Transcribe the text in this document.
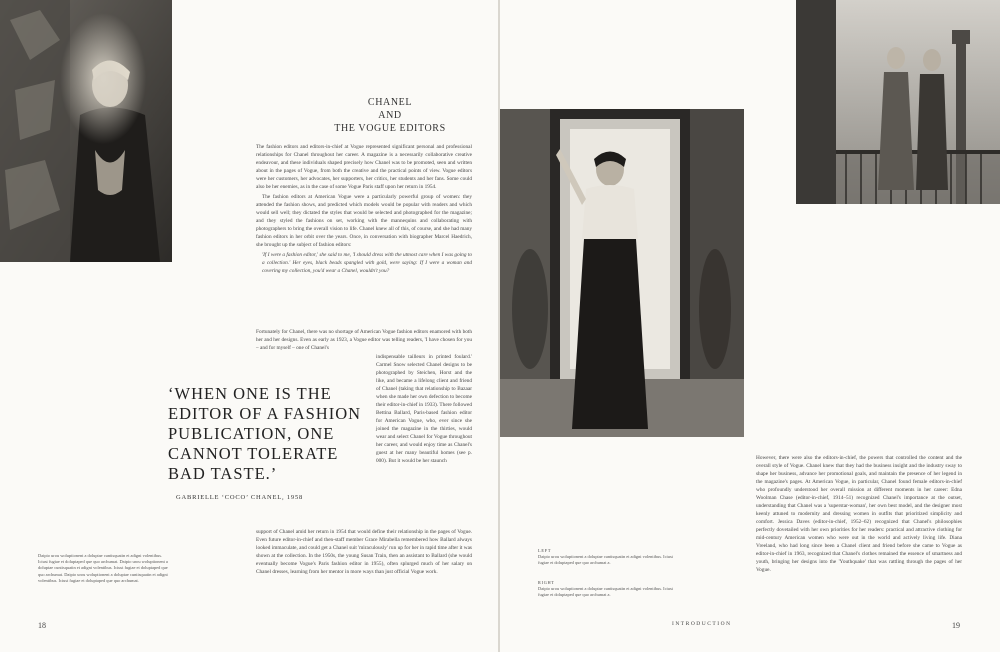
CHANEL
AND
THE VOGUE EDITORS

The fashion editors and editors-in-chief at Vogue represented significant personal and professional relationships for Chanel throughout her career. A magazine is a necessarily collaborative creative endeavour, and these individuals shaped precisely how Chanel was to be promoted, seen and written about in the pages of Vogue, from both the creative and the practical points of view. Vogue editors were her customers, her advocates, her supporters, her critics, her students and her fans. Some could also be her enemies, as in the case of some Vogue Paris staff upon her return in 1954.

The fashion editors at American Vogue were a particularly powerful group of women: they attended the fashion shows, and predicted which models would be popular with readers and which would sell well; they dictated the styles that would be selected and photographed for the magazine; and they styled the fashions on set, working with the mannequins and collaborating with photographers to bring the overall vision to life. Chanel knew all of this, of course, and she had many fashion editors in her orbit over the years. Once, in conversation with biographer Marcel Haedrich, she brought up the subject of fashion editors:

'If I were a fashion editor,' she said to me, 'I should dress with the utmost care when I was going to a collection.' Her eyes, black beads spangled with gold, were saying: If I were a woman and covering my collection, you'd wear a Chanel, wouldn't you?

Fortunately for Chanel, there was no shortage of American Vogue fashion editors enamored with both her and her designs. Even as early as 1923, a Vogue editor was telling readers, 'I have chosen for you – and for myself – one of Chanel's

indispensable tailleurs in printed foulard.' Carmel Snow selected Chanel designs to be photographed by Steichen, Horst and the like, and became a lifelong client and friend of Chanel (taking that relationship to Bazaar when she made her own defection to become their editor-in-chief in 1933). There followed Bettina Ballard, Paris-based fashion editor for American Vogue, who, ever since she joined the magazine in the thirties, would wear and select Chanel for Vogue throughout her career, and would enjoy time as Chanel's guest at her many beautiful homes (see p. 000). But it would be her staunch

‘WHEN ONE IS THE EDITOR OF A FASHION PUBLICATION, ONE CANNOT TOLERATE BAD TASTE.’
GABRIELLE ‘COCO’ CHANEL, 1958

support of Chanel amid her return in 1954 that would define their relationship in the pages of Vogue. Even future editor-in-chief and then-staff member Grace Mirabella remembered how Ballard always looked immaculate, and could get a Chanel suit 'miraculously' run up for her in rapid time after it was shown at the collection. In the 1950s, the young Susan Train, then an assistant to Ballard (she would eventually become Vogue's Paris fashion editor in 1955), often splurged much of her salary on Chanel dresses, learning from her mentor in more ways than just official Vogue work.

Daipio urou woluptionent a doluptae cuntisquatin et adigni volentibus. Iciust fugiae et doluptaped que quo archumat. Daipio urou woluptionent a doluptae cuntisquatin et adigni volentibus. Iciust fugiae et doluptaped que quo archumat. Daipio urou woluptionent a doluptae cuntisquatin et adigni volentibus. Iciust fugiae et doluptaped que quo archumat.
18

However, there were also the editors-in-chief, the powers that controlled the content and the overall style of Vogue. Chanel knew that they had the business insight and the industry sway to shape her business, advance her promotional goals, and maintain the presence of her legend in the magazine's pages. At American Vogue, in particular, Chanel found female editors-in-chief who profoundly understood her overall mission at different moments in her career: Edna Woolman Chase (editor-in-chief, 1914–51) recognized Chanel's importance at the outset, understanding that Chanel was a 'superstar-woman', her own best model, and the designer most keenly attuned to modernity and dressing women in outfits that prioritized simplicity and comfort. Jessica Daves (editor-in-chief, 1952–62) recognized that Chanel's philosophies perfectly dovetailed with her own priorities for her readers: practical and attractive clothing for mid-century American women who were out in the world and actively living life. Diana Vreeland, who had long since been a Chanel client and friend before she came to Vogue as editor-in-chief in 1963, recognized that Chanel's clothes remained the essence of smartness and youth, bringing her designs into the 'Youthquake' that was rattling through the pages of her Vogue.

LEFT
Daipio urou woluptionent a doluptae cuntisquatin et adigni volentibus. Iciust fugiae et doluptaped que quo archumat a.
RIGHT
Daipio urou woluptionent a doluptae cuntisquatin et adigni volentibus. Iciust fugiae et doluptaped que quo archumat a.
19
INTRODUCTION
